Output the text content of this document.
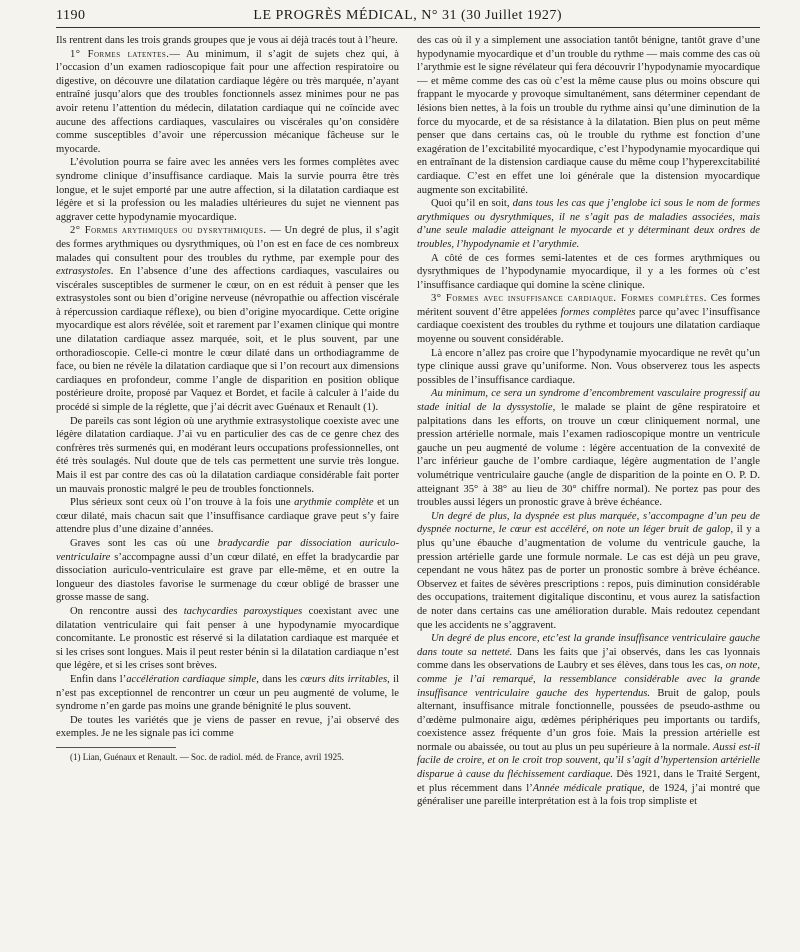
1190	LE PROGRÈS MÉDICAL, N° 31 (30 Juillet 1927)

Ils rentrent dans les trois grands groupes que je vous ai déjà tracés tout à l’heure.

1° Formes latentes.— Au minimum, il s’agit de sujets chez qui, à l’occasion d’un examen radioscopique fait pour une affection respiratoire ou digestive, on découvre une dilatation cardiaque légère ou très marquée, n’ayant entraîné jusqu’alors que des troubles fonctionnels assez minimes pour ne pas avoir retenu l’attention du médecin, dilatation cardiaque qui ne coïncide avec aucune des affections cardiaques, vasculaires ou viscérales qu’on considère comme susceptibles d’avoir une répercussion mécanique fâcheuse sur le myocarde.

L’évolution pourra se faire avec les années vers les formes complètes avec syndrome clinique d’insuffisance cardiaque. Mais la survie pourra être très longue, et le sujet emporté par une autre affection, si la dilatation cardiaque est légère et si la profession ou les maladies ultérieures du sujet ne viennent pas aggraver cette hypodynamie myocardique.

2° Formes arythmiques ou dysrythmiques. — Un degré de plus, il s’agit des formes arythmiques ou dysrythmiques, où l’on est en face de ces nombreux malades qui consultent pour des troubles du rythme, par exemple pour des extrasystoles. En l’absence d’une des affections cardiaques, vasculaires ou viscérales susceptibles de surmener le cœur, on en est réduit à penser que les extrasystoles sont ou bien d’origine nerveuse (névropathie ou affection viscérale à répercussion cardiaque réflexe), ou bien d’origine myocardique. Cette origine myocardique est alors révélée, soit et rarement par l’examen clinique qui montre une dilatation cardiaque assez marquée, soit, et le plus souvent, par une orthoradioscopie. Celle-ci montre le cœur dilaté dans un orthodiagramme de face, ou bien ne révèle la dilatation cardiaque que si l’on recourt aux dimensions cardiaques en profondeur, comme l’angle de disparition en position oblique postérieure droite, proposé par Vaquez et Bordet, et facile à calculer à l’aide du procédé si simple de la réglette, que j’ai décrit avec Guénaux et Renault (1).

De pareils cas sont légion où une arythmie extrasystolique coexiste avec une légère dilatation cardiaque. J’ai vu en particulier des cas de ce genre chez des confrères très surmenés qui, en modérant leurs occupations professionnelles, ont été très soulagés. Nul doute que de tels cas permettent une survie très longue. Mais il est par contre des cas où la dilatation cardiaque considérable fait porter un mauvais pronostic malgré le peu de troubles fonctionnels.

Plus sérieux sont ceux où l’on trouve à la fois une arythmie complète et un cœur dilaté, mais chacun sait que l’insuffisance cardiaque grave peut s’y faire attendre plus d’une dizaine d’années.

Graves sont les cas où une bradycardie par dissociation auriculo-ventriculaire s’accompagne aussi d’un cœur dilaté, en effet la bradycardie par dissociation auriculo-ventriculaire est grave par elle-même, et en outre la longueur des diastoles favorise le surmenage du cœur obligé de brasser une grosse masse de sang.

On rencontre aussi des tachycardies paroxystiques coexistant avec une dilatation ventriculaire qui fait penser à une hypodynamie myocardique concomitante. Le pronostic est réservé si la dilatation cardiaque est marquée et si les crises sont longues. Mais il peut rester bénin si la dilatation cardiaque n’est que légère, et si les crises sont brèves.

Enfin dans l’accélération cardiaque simple, dans les cœurs dits irritables, il n’est pas exceptionnel de rencontrer un cœur un peu augmenté de volume, le syndrome n’en garde pas moins une grande bénignité le plus souvent.

De toutes les variétés que je viens de passer en revue, j’ai observé des exemples. Je ne les signale pas ici comme

(1) Lian, Guénaux et Renault. — Soc. de radiol. méd. de France, avril 1925.

des cas où il y a simplement une association tantôt bénigne, tantôt grave d’une hypodynamie myocardique et d’un trouble du rythme — mais comme des cas où l’arythmie est le signe révélateur qui fera découvrir l’hypodynamie myocardique — et même comme des cas où c’est la même cause plus ou moins obscure qui frappant le myocarde y provoque simultanément, sans déterminer cependant de lésions bien nettes, à la fois un trouble du rythme ainsi qu’une diminution de la force du myocarde, et de sa résistance à la dilatation. Bien plus on peut même penser que dans certains cas, où le trouble du rythme est fonction d’une exagération de l’excitabilité myocardique, c’est l’hypodynamie myocardique qui en entraînant de la distension cardiaque cause du même coup l’hyperexcitabilité cardiaque. C’est en effet une loi générale que la distension myocardique augmente son excitabilité.

Quoi qu’il en soit, dans tous les cas que j’englobe ici sous le nom de formes arythmiques ou dysrythmiques, il ne s’agit pas de maladies associées, mais d’une seule maladie atteignant le myocarde et y déterminant deux ordres de troubles, l’hypodynamie et l’arythmie.

A côté de ces formes semi-latentes et de ces formes arythmiques ou dysrythmiques de l’hypodynamie myocardique, il y a les formes où c’est l’insuffisance cardiaque qui domine la scène clinique.

3° Formes avec insuffisance cardiaque. Formes complètes. Ces formes méritent souvent d’être appelées formes complètes parce qu’avec l’insuffisance cardiaque coexistent des troubles du rythme et toujours une dilatation cardiaque moyenne ou souvent considérable.

Là encore n’allez pas croire que l’hypodynamie myocardique ne revêt qu’un type clinique aussi grave qu’uniforme. Non. Vous observerez tous les aspects possibles de l’insuffisance cardiaque.

Au minimum, ce sera un syndrome d’encombrement vasculaire progressif au stade initial de la dyssystolie, le malade se plaint de gêne respiratoire et palpitations dans les efforts, on trouve un cœur cliniquement normal, une pression artérielle normale, mais l’examen radioscopique montre un ventricule gauche un peu augmenté de volume : légère accentuation de la convexité de l’arc inférieur gauche de l’ombre cardiaque, légère augmentation de l’angle volumétrique ventriculaire gauche (angle de disparition de la pointe en O. P. D. atteignant 35° à 38° au lieu de 30° chiffre normal). Ne portez pas pour des troubles aussi légers un pronostic grave à brève échéance.

Un degré de plus, la dyspnée est plus marquée, s’accompagne d’un peu de dyspnée nocturne, le cœur est accéléré, on note un léger bruit de galop, il y a plus qu’une ébauche d’augmentation de volume du ventricule gauche, la pression artérielle garde une formule normale. Le cas est déjà un peu grave, cependant ne vous hâtez pas de porter un pronostic sombre à brève échéance. Observez et faites de sévères prescriptions : repos, puis diminution considérable des occupations, traitement digitalique discontinu, et vous aurez la satisfaction de noter dans certains cas une amélioration durable. Mais redoutez cependant que les accidents ne s’aggravent.

Un degré de plus encore, etc’est la grande insuffisance ventriculaire gauche dans toute sa netteté. Dans les faits que j’ai observés, dans les cas lyonnais comme dans les observations de Laubry et ses élèves, dans tous les cas, on note, comme je l’ai remarqué, la ressemblance considérable avec la grande insuffisance ventriculaire gauche des hypertendus. Bruit de galop, pouls alternant, insuffisance mitrale fonctionnelle, poussées de pseudo-asthme ou d’œdème pulmonaire aigu, œdèmes périphériques peu importants ou tardifs, coexistence assez fréquente d’un gros foie. Mais la pression artérielle est normale ou abaissée, ou tout au plus un peu supérieure à la normale. Aussi est-il facile de croire, et on le croit trop souvent, qu’il s’agit d’hypertension artérielle disparue à cause du fléchissement cardiaque. Dès 1921, dans le Traité Sergent, et plus récemment dans l’Année médicale pratique, de 1924, j’ai montré que généraliser une pareille interprétation est à la fois trop simpliste et
